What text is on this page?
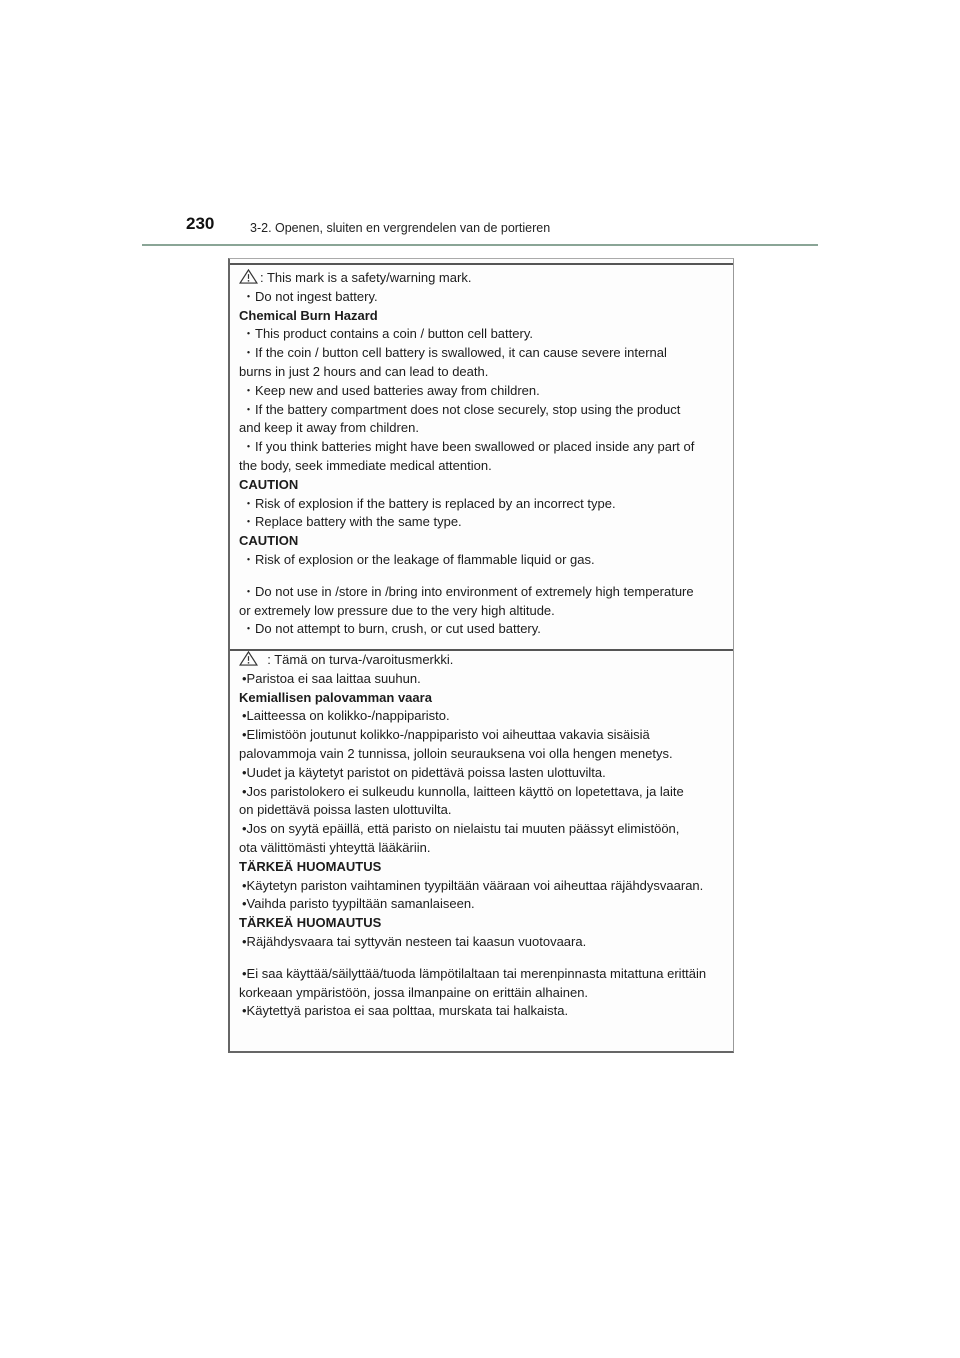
230	3-2. Openen, sluiten en vergrendelen van de portieren
: This mark is a safety/warning mark.
・Do not ingest battery.
Chemical Burn Hazard
・This product contains a coin / button cell battery.
・If the coin / button cell battery is swallowed, it can cause severe internal
burns in just 2 hours and can lead to death.
・Keep new and used batteries away from children.
・If the battery compartment does not close securely, stop using the product
and keep it away from children.
・If you think batteries might have been swallowed or placed inside any part of
the body, seek immediate medical attention.
CAUTION
・Risk of explosion if the battery is replaced by an incorrect type.
・Replace battery with the same type.
CAUTION
・Risk of explosion or the leakage of flammable liquid or gas.
・Do not use in /store in /bring into environment of extremely high temperature
or extremely low pressure due to the very high altitude.
・Do not attempt to burn, crush, or cut used battery.
: Tämä on turva-/varoitusmerkki.
•Paristoa ei saa laittaa suuhun.
Kemiallisen palovamman vaara
•Laitteessa on kolikko-/nappiparisto.
•Elimistöön joutunut kolikko-/nappiparisto voi aiheuttaa vakavia sisäisiä
palovammoja vain 2 tunnissa, jolloin seurauksena voi olla hengen menetys.
•Uudet ja käytetyt paristot on pidettävä poissa lasten ulottuvilta.
•Jos paristolokero ei sulkeudu kunnolla, laitteen käyttö on lopetettava, ja laite
on pidettävä poissa lasten ulottuvilta.
•Jos on syytä epäillä, että paristo on nielaistu tai muuten päässyt elimistöön,
ota välittömästi yhteyttä lääkäriin.
TÄRKEÄ HUOMAUTUS
•Käytetyn pariston vaihtaminen tyypiltään vääraan voi aiheuttaa räjähdysvaaran.
•Vaihda paristo tyypiltään samanlaiseen.
TÄRKEÄ HUOMAUTUS
•Räjähdysvaara tai syttyvän nesteen tai kaasun vuotovaara.
•Ei saa käyttää/säilyttää/tuoda lämpötilaltaan tai merenpinnasta mitattuna erittäin
korkeaan ympäristöön, jossa ilmanpaine on erittäin alhainen.
•Käytettyä paristoa ei saa polttaa, murskata tai halkaista.
